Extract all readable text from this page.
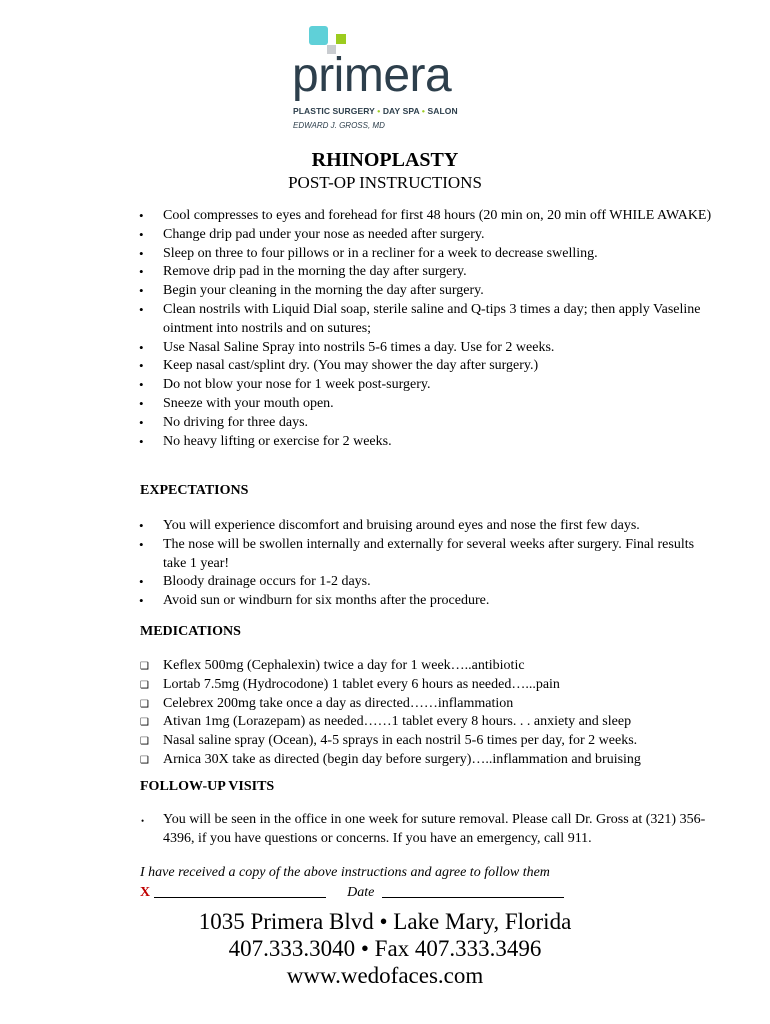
primera
PLASTIC SURGERY • DAY SPA • SALON
EDWARD J. GROSS, MD
RHINOPLASTY
POST-OP INSTRUCTIONS
• Cool compresses to eyes and forehead for first 48 hours (20 min on, 20 min off WHILE AWAKE)
• Change drip pad under your nose as needed after surgery.
• Sleep on three to four pillows or in a recliner for a week to decrease swelling.
• Remove drip pad in the morning the day after surgery.
• Begin your cleaning in the morning the day after surgery.
• Clean nostrils with Liquid Dial soap, sterile saline and Q-tips 3 times a day; then apply Vaseline ointment into nostrils and on sutures;
• Use Nasal Saline Spray into nostrils 5-6 times a day. Use for 2 weeks.
• Keep nasal cast/splint dry. (You may shower the day after surgery.)
• Do not blow your nose for 1 week post-surgery.
• Sneeze with your mouth open.
• No driving for three days.
• No heavy lifting or exercise for 2 weeks.
EXPECTATIONS
• You will experience discomfort and bruising around eyes and nose the first few days.
• The nose will be swollen internally and externally for several weeks after surgery. Final results take 1 year!
• Bloody drainage occurs for 1-2 days.
• Avoid sun or windburn for six months after the procedure.
MEDICATIONS
❑ Keflex 500mg (Cephalexin) twice a day for 1 week…..antibiotic
❑ Lortab 7.5mg (Hydrocodone) 1 tablet every 6 hours as needed…...pain
❑ Celebrex 200mg take once a day as directed……inflammation
❑ Ativan 1mg (Lorazepam) as needed……1 tablet every 8 hours. . . anxiety and sleep
❑ Nasal saline spray (Ocean), 4-5 sprays in each nostril 5-6 times per day, for 2 weeks.
❑ Arnica 30X take as directed (begin day before surgery)…..inflammation and bruising
FOLLOW-UP VISITS
• You will be seen in the office in one week for suture removal. Please call Dr. Gross at (321) 356-4396, if you have questions or concerns. If you have an emergency, call 911.
I have received a copy of the above instructions and agree to follow them
X	Date
1035 Primera Blvd • Lake Mary, Florida
407.333.3040 • Fax 407.333.3496
www.wedofaces.com
